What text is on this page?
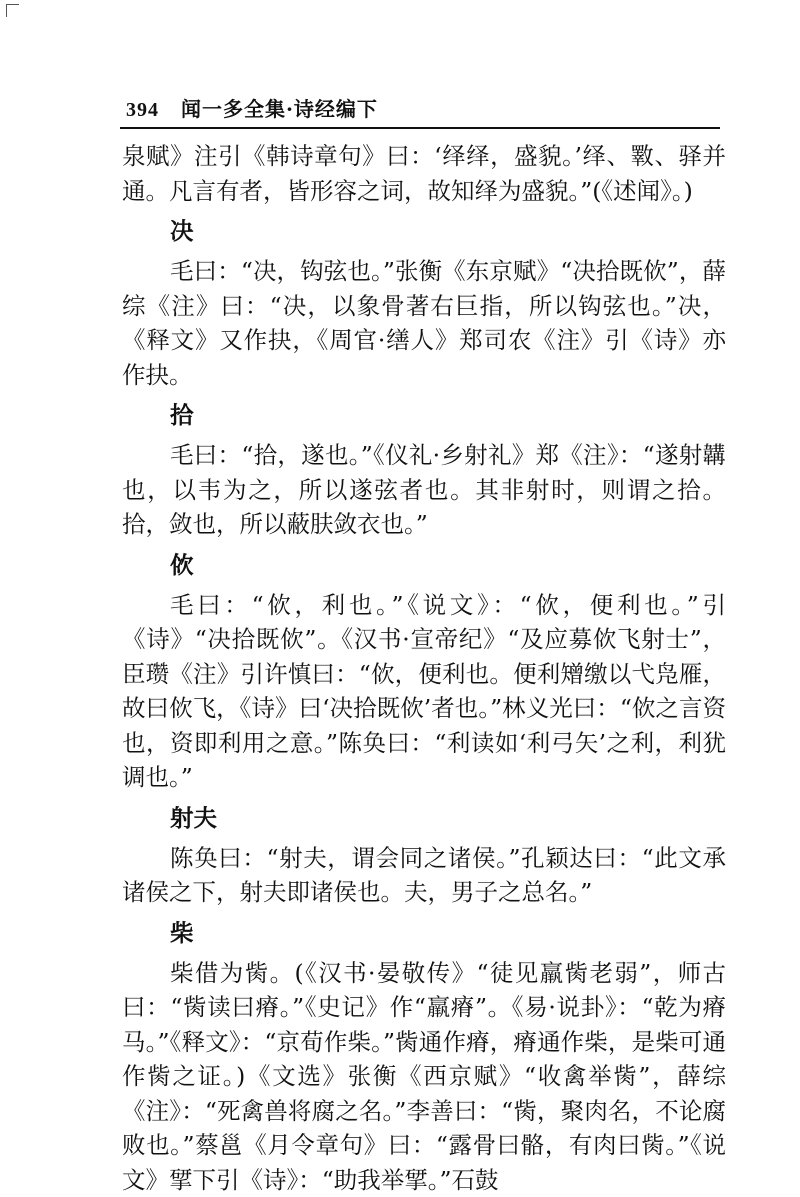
394 闻一多全集·诗经编下

泉赋》注引《韩诗章句》曰：‘绎绎，盛貌。’绎、斁、驿并通。凡言有者，皆形容之词，故知绎为盛貌。”(《述闻》。)

决

毛曰：“决，钩弦也。”张衡《东京赋》“决拾既佽”，薛综《注》曰：“决，以象骨著右巨指，所以钩弦也。”决，《释文》又作抉，《周官·缮人》郑司农《注》引《诗》亦作抉。

拾

毛曰：“拾，遂也。”《仪礼·乡射礼》郑《注》：“遂射韝也，以韦为之，所以遂弦者也。其非射时，则谓之拾。拾，敛也，所以蔽肤敛衣也。”

佽

毛曰：“佽，利也。”《说文》：“佽，便利也。”引《诗》“决拾既佽”。《汉书·宣帝纪》“及应募佽飞射士”，臣瓒《注》引许慎曰：“佽，便利也。便利矰缴以弋凫雁，故曰佽飞，《诗》曰‘决拾既佽’者也。”林义光曰：“佽之言资也，资即利用之意。”陈奂曰：“利读如‘利弓矢’之利，利犹调也。”

射夫

陈奂曰：“射夫，谓会同之诸侯。”孔颖达曰：“此文承诸侯之下，射夫即诸侯也。夫，男子之总名。”

柴

柴借为胔。(《汉书·晏敬传》“徒见羸胔老弱”，师古曰：“胔读曰瘠。”《史记》作“羸瘠”。《易·说卦》：“乾为瘠马。”《释文》：“京荀作柴。”胔通作瘠，瘠通作柴，是柴可通作胔之证。)《文选》张衡《西京赋》“收禽举胔”，薛综《注》：“死禽兽将腐之名。”李善曰：“胔，聚肉名，不论腐败也。”蔡邕《月令章句》曰：“露骨曰骼，有肉曰胔。”《说文》揅下引《诗》：“助我举揅。”石鼓
